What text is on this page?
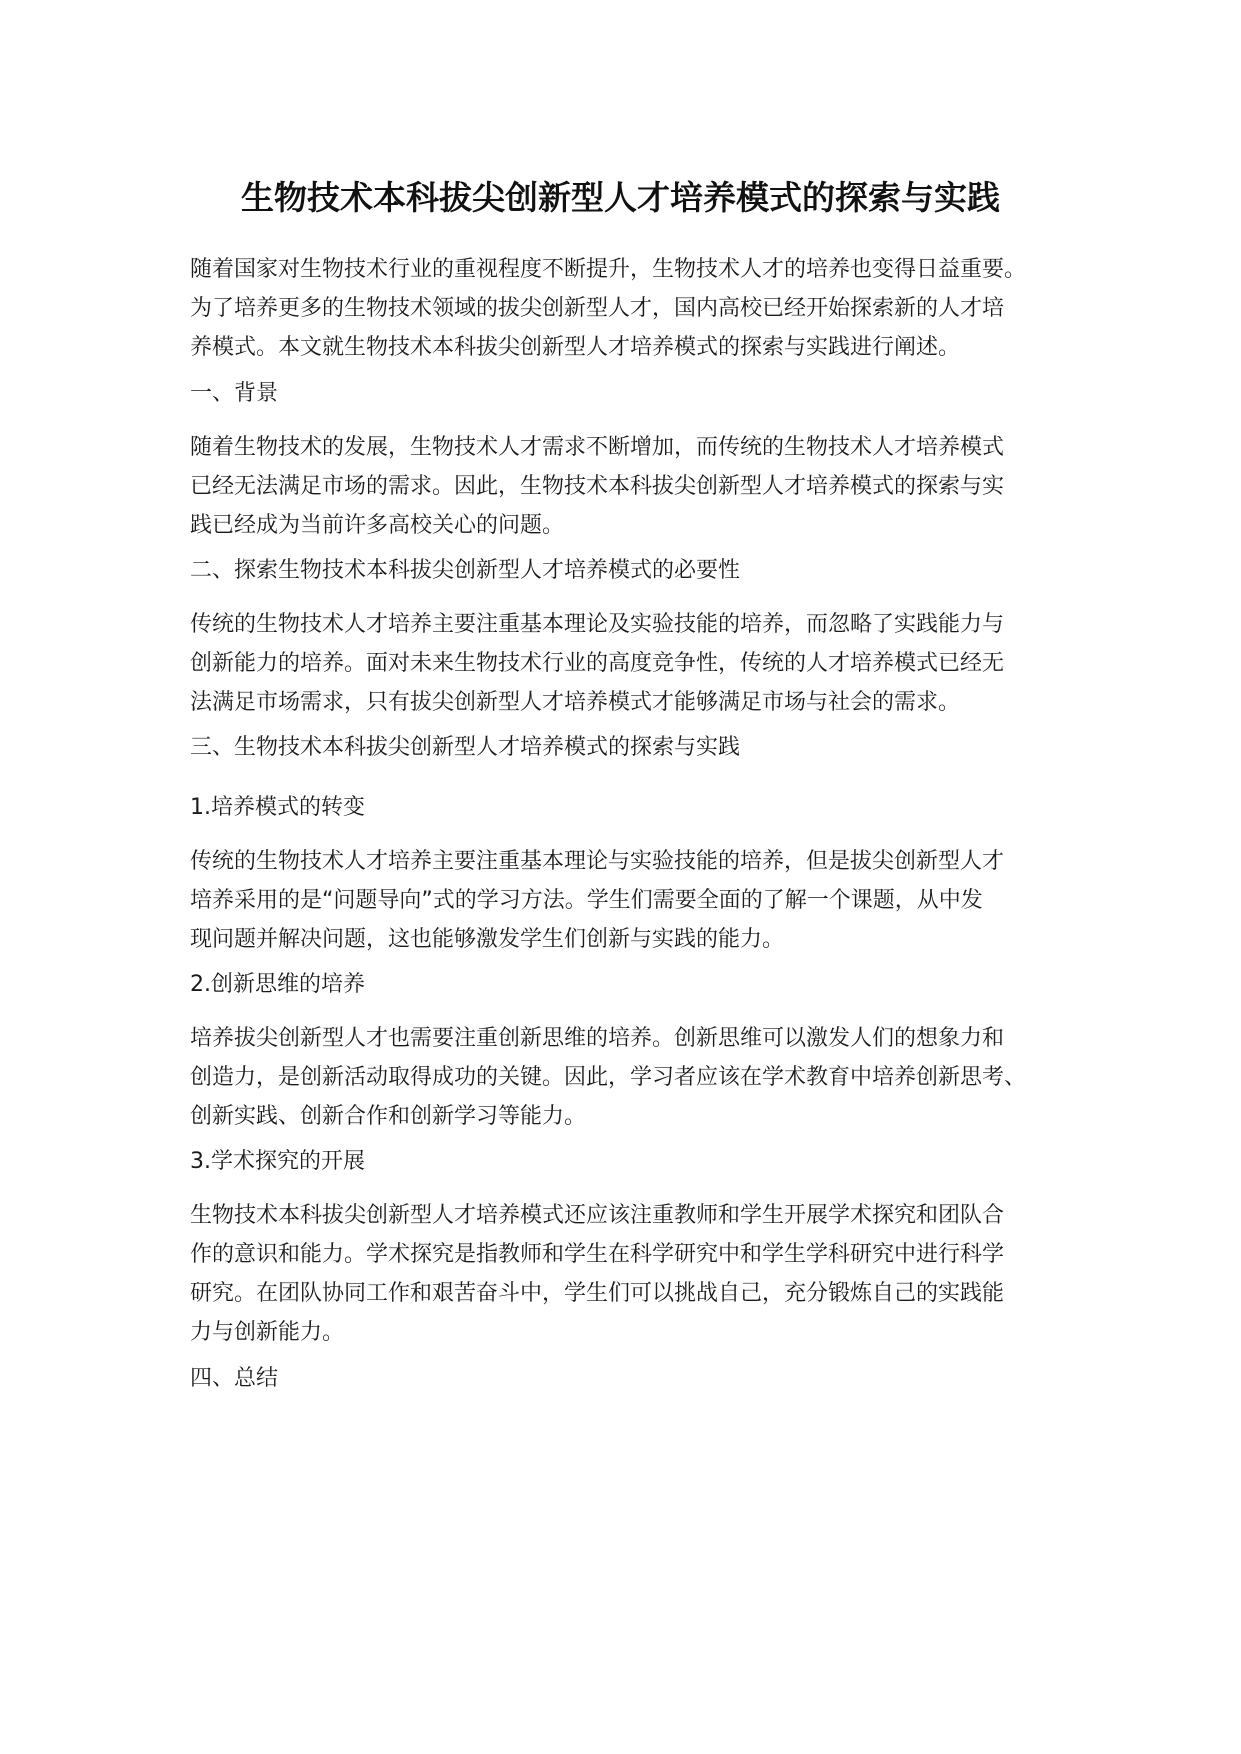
生物技术本科拔尖创新型人才培养模式的探索与实践
随着国家对生物技术行业的重视程度不断提升，生物技术人才的培养也变得日益重要。
为了培养更多的生物技术领域的拔尖创新型人才，国内高校已经开始探索新的人才培
养模式。本文就生物技术本科拔尖创新型人才培养模式的探索与实践进行阐述。
一、背景
随着生物技术的发展，生物技术人才需求不断增加，而传统的生物技术人才培养模式
已经无法满足市场的需求。因此，生物技术本科拔尖创新型人才培养模式的探索与实
践已经成为当前许多高校关心的问题。
二、探索生物技术本科拔尖创新型人才培养模式的必要性
传统的生物技术人才培养主要注重基本理论及实验技能的培养，而忽略了实践能力与
创新能力的培养。面对未来生物技术行业的高度竞争性，传统的人才培养模式已经无
法满足市场需求，只有拔尖创新型人才培养模式才能够满足市场与社会的需求。
三、生物技术本科拔尖创新型人才培养模式的探索与实践
1.培养模式的转变
传统的生物技术人才培养主要注重基本理论与实验技能的培养，但是拔尖创新型人才
培养采用的是“问题导向”式的学习方法。学生们需要全面的了解一个课题，从中发
现问题并解决问题，这也能够激发学生们创新与实践的能力。
2.创新思维的培养
培养拔尖创新型人才也需要注重创新思维的培养。创新思维可以激发人们的想象力和
创造力，是创新活动取得成功的关键。因此，学习者应该在学术教育中培养创新思考、
创新实践、创新合作和创新学习等能力。
3.学术探究的开展
生物技术本科拔尖创新型人才培养模式还应该注重教师和学生开展学术探究和团队合
作的意识和能力。学术探究是指教师和学生在科学研究中和学生学科研究中进行科学
研究。在团队协同工作和艰苦奋斗中，学生们可以挑战自己，充分锻炼自己的实践能
力与创新能力。
四、总结
